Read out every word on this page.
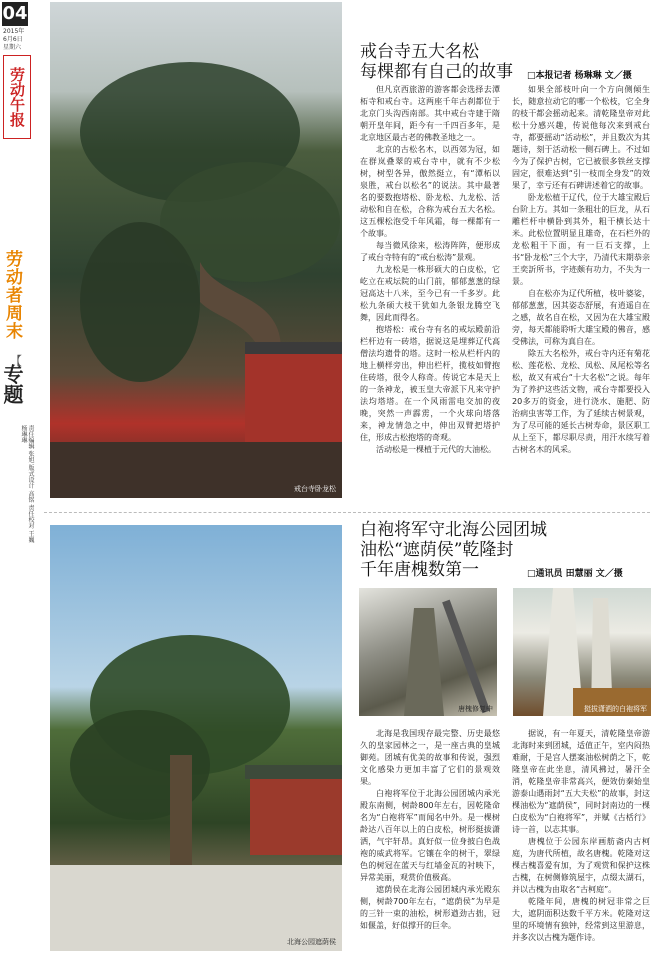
04
2015年
6月6日
星期六
劳动午报
劳动者周末
【
专题
责任编辑 张旭 版式设计 高铭 责任校对 王巍 杨琳琳
戒台寺卧龙松
戒台寺五大名松
每棵都有自己的故事 □本报记者 杨琳琳 文／摄

但凡京西旅游的游客都会选择去潭柘寺和戒台寺。这两座千年古刹都位于北京门头沟西南部。其中戒台寺建于隋朝开皇年间，距今有一千四百多年，是北京地区最古老的佛教圣地之一。

北京的古松名木，以西郊为冠，如在群岚叠翠的戒台寺中，就有不少松树，树型各异，傲然挺立，有“潭柘以泉胜，戒台以松名”的说法。其中最著名的要数抱塔松、卧龙松、九龙松、活动松和自在松，合称为戒台五大名松。这五棵松泡受千年风霜，每一棵都有一个故事。

每当微风徐来，松涛阵阵，便形成了戒台寺特有的“戒台松涛”景观。

九龙松是一株形硕大的白皮松，它屹立在戒坛院的山门前，郁郁葱葱的绿冠高达十八米，至今已有一千多岁。此松九条硕大枝干犹如九条银龙腾空飞舞，因此而得名。

抱塔松：戒台寺有名的戒坛殿前沿栏杆边有一砖塔，据说这是埋葬辽代高僧法均遗骨的塔。这时一松从栏杆内的地上横样旁出，伸出栏杆，揽枝如臂抱住砖塔，很令人称奇。传说它本是天上的一条神龙，被玉皇大帝派下凡来守护法均塔塔。在一个风雨雷电交加的夜晚，突然一声霹雳，一个火球向塔落来，神龙情急之中，伸出双臂把塔护住，形成古松抱塔的奇观。

活动松是一棵植于元代的大油松。

如果全部枝叶向一个方向侧倾生长，随意拉动它的哪一个松枝，它全身的枝干都会摇动起来。清乾隆皇帝对此松十分感兴趣，传说他每次来到戒台寺，都要摇动“活动松”，并且数次为其题诗，刻于活动松一侧石碑上。不过如今为了保护古树，它已被很多铁丝支撑固定，很难达到“引一枝而全身发”的效果了，幸亏还有石碑讲述着它的故事。

卧龙松植于辽代，位于大雄宝殿后台阶上方。其如一条粗壮的巨龙，从石雕栏杆中横卧到其外，粗干横长达十米。此松位置明显且雄奇，在石栏外的龙松粗干下面，有一巨石支撑，上书“卧龙松”三个大字，乃清代末期恭亲王奕訢所书，字迹颇有功力，不失为一景。

自在松亦为辽代所植，枝叶婆娑，郁郁葱葱，因其姿态舒展，有逍遥自在之感，故名自在松，又因为在大雄宝殿旁，每天都能聆听大雄宝殿的佛音，感受佛法，可称为真自在。

除五大名松外，戒台寺内还有菊花松、莲花松、龙松、凤松、凤尾松等名松，故又有戒台“十大名松”之说。每年为了养护这些活文物，戒台寺都要投入20多万的资金，进行浇水、施肥、防治病虫害等工作，为了延续古树景观，为了尽可能的延长古树寿命，景区职工从上至下，都尽职尽责，用汗水续写着古树名木的风采。

北海公园遮荫侯
白袍将军守北海公园团城
油松“遮荫侯”乾隆封
千年唐槐数第一	□通讯员 田慧丽 文／摄
唐槐修复中	挺拔潇洒的白袍将军

北海是我国现存最完整、历史最悠久的皇家园林之一，是一座古典的皇城御苑。团城有优美的故事和传说，强烈文化感染力更加丰富了它们的景观效果。

白袍将军位于北海公园团城内承光殿东南侧，树龄800年左右，因乾隆命名为“白袍将军”而闻名中外。是一棵树龄达八百年以上的白皮松，树形挺拔潇洒，气宇轩昂。真好似一位身披白色战袍的威武将军。它镶在伞的树干，翠绿色的树冠在蓝天与红墙金瓦的衬映下，异常美丽，观赏价值极高。

遮荫侯在北海公园团城内承光殿东侧，树龄700年左右，“遮荫侯”为早是的三针一束的油松，树形遒劲古拙，冠如偃盖，好似撑开的巨伞。

据说，有一年夏天，清乾隆皇帝游北海时来到团城，适值正午，室内闷热难耐，于是宫人摆案油松树荫之下，乾隆皇帝在此坐息，清风拂过，暑汗全消，乾隆皇帝非常高兴，便效仿秦始皇游泰山遇雨封“五大夫松”的故事，封这棵油松为“遮荫侯”，同时封南边的一棵白皮松为“白袍将军”，并赋《古栝行》诗一首，以志其事。

唐槐位于公园东岸画舫斋内古柯庭，为唐代所植，故名唐槐。乾隆对这棵古槐喜爱有加，为了观赏和保护这株古槐，在树侧修筑屋宇，点缀太湖石，并以古槐为由取名“古柯庭”。

乾隆年间，唐槐的树冠非常之巨大，遮阴面积达数千平方米。乾隆对这里的环境情有独钟，经常到这里游息，并多次以古槐为题作诗。
